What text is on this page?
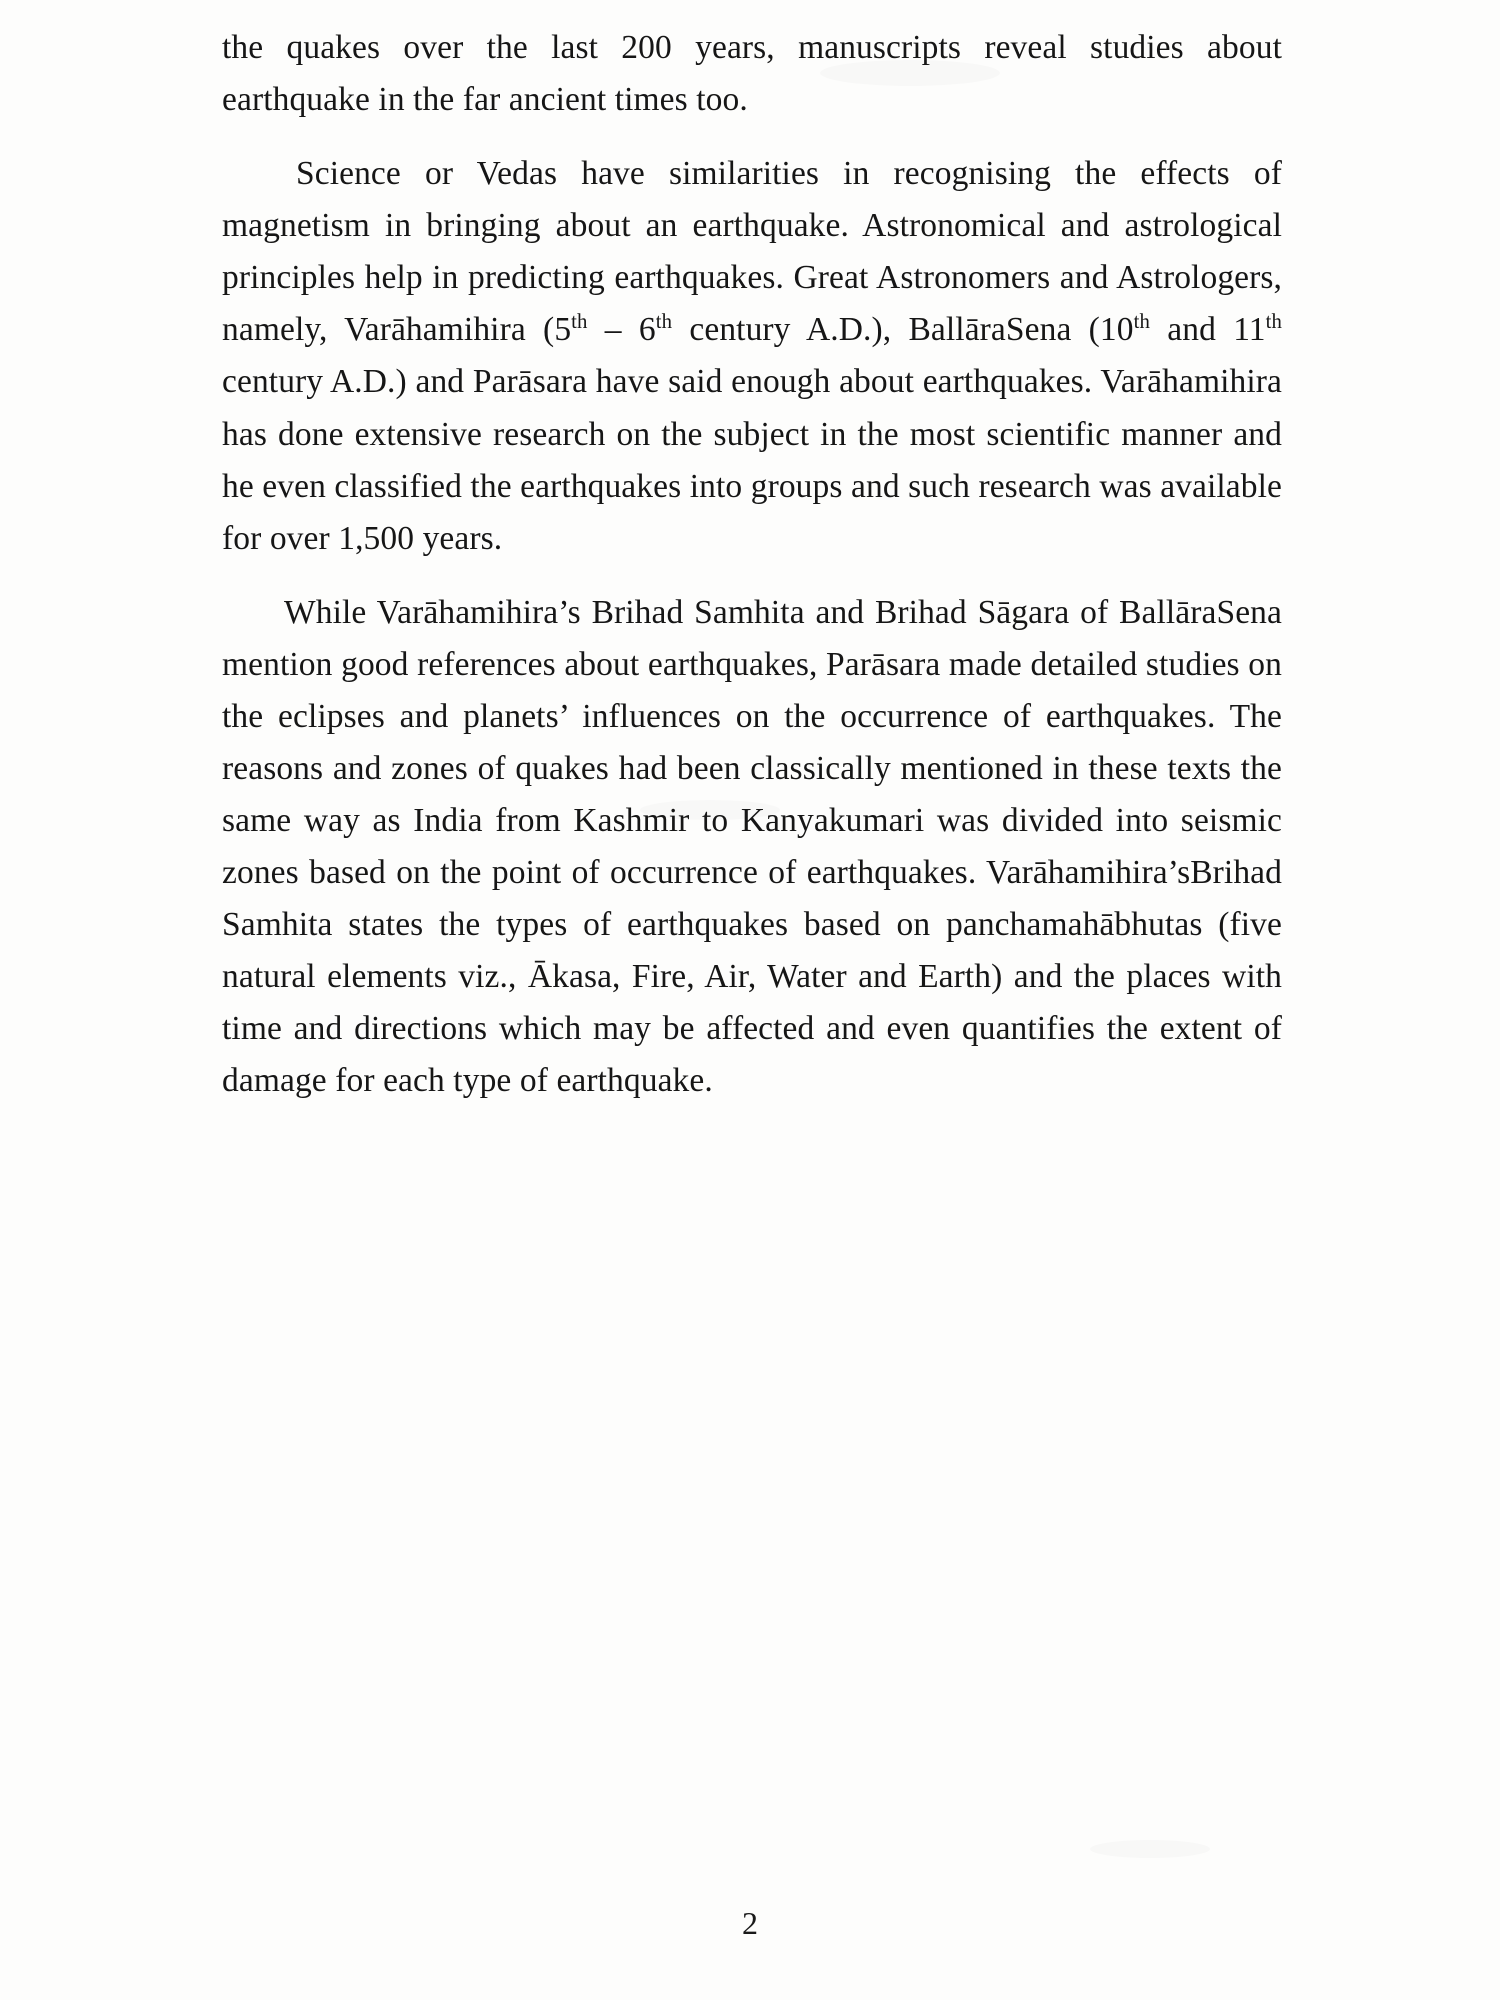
the quakes over the last 200 years, manuscripts reveal studies about earthquake in the far ancient times too.

Science or Vedas have similarities in recognising the effects of magnetism in bringing about an earthquake. Astronomical and astrological principles help in predicting earthquakes. Great Astronomers and Astrologers, namely, Varāhamihira (5th – 6th century A.D.), BallāraSena (10th and 11th century A.D.) and Parāsara have said enough about earthquakes. Varāhamihira has done extensive research on the subject in the most scientific manner and he even classified the earthquakes into groups and such research was available for over 1,500 years.

While Varāhamihira’s Brihad Samhita and Brihad Sāgara of BallāraSena mention good references about earthquakes, Parāsara made detailed studies on the eclipses and planets’ influences on the occurrence of earthquakes. The reasons and zones of quakes had been classically mentioned in these texts the same way as India from Kashmir to Kanyakumari was divided into seismic zones based on the point of occurrence of earthquakes. Varāhamihira’sBrihad Samhita states the types of earthquakes based on panchamahābhutas (five natural elements viz., Ākasa, Fire, Air, Water and Earth) and the places with time and directions which may be affected and even quantifies the extent of damage for each type of earthquake.

2
